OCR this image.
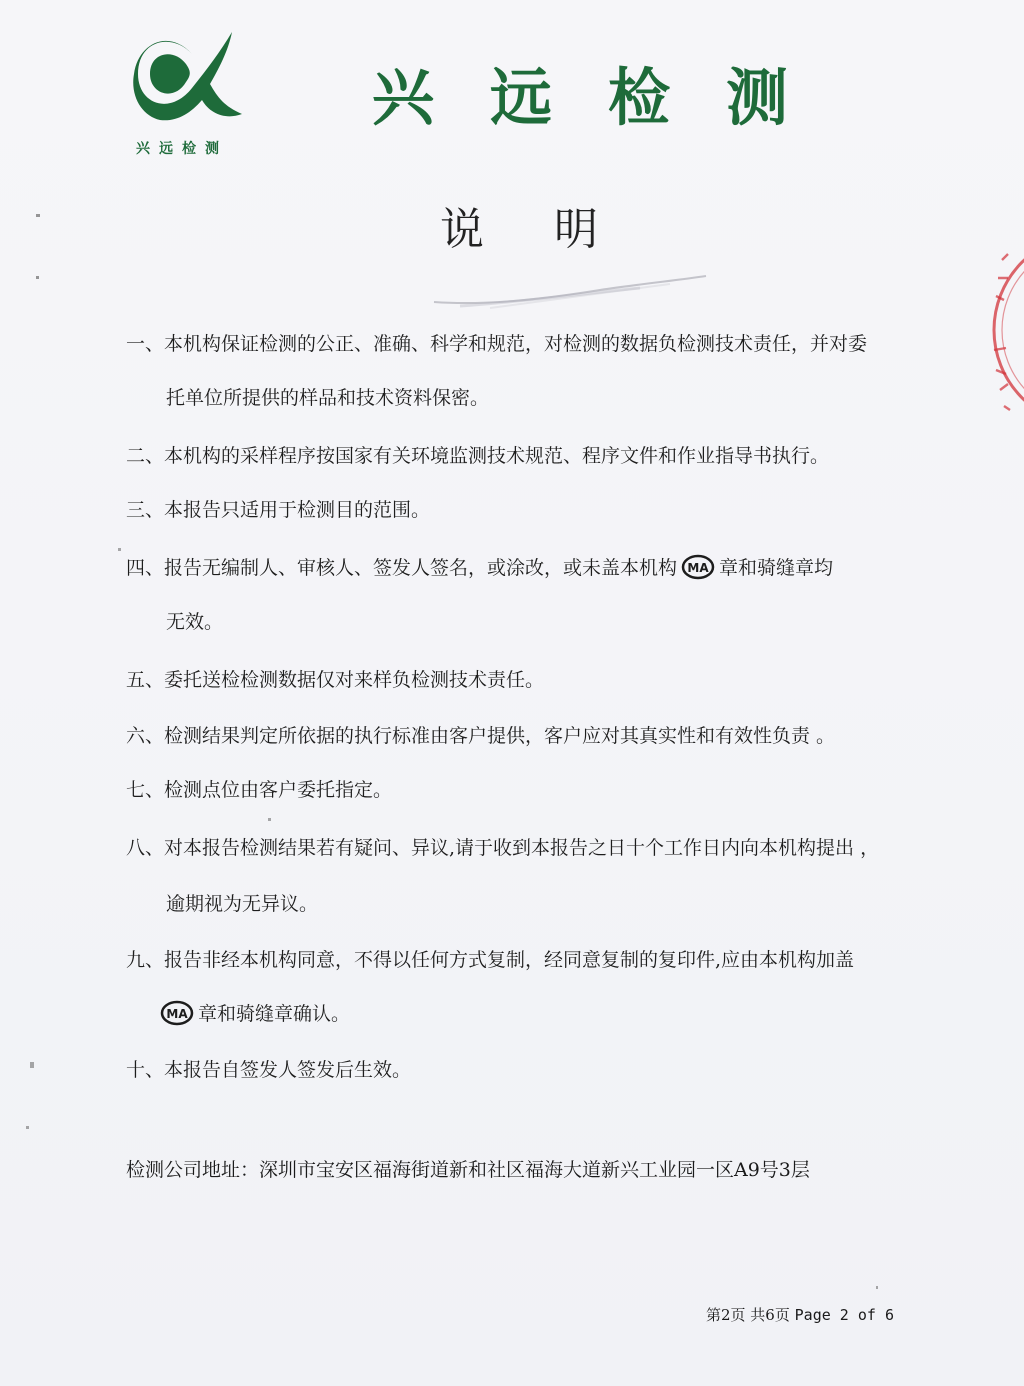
兴远检测
兴远检测
说明
一、本机构保证检测的公正、准确、科学和规范，对检测的数据负检测技术责任，并对委
托单位所提供的样品和技术资料保密。
二、本机构的采样程序按国家有关环境监测技术规范、程序文件和作业指导书执行。
三、本报告只适用于检测目的范围。
四、报告无编制人、审核人、签发人签名，或涂改，或未盖本机构 MA 章和骑缝章均
无效。
五、委托送检检测数据仅对来样负检测技术责任。
六、检测结果判定所依据的执行标准由客户提供，客户应对其真实性和有效性负责 。
七、检测点位由客户委托指定。
八、对本报告检测结果若有疑问、异议,请于收到本报告之日十个工作日内向本机构提出 ，
逾期视为无异议。
九、报告非经本机构同意，不得以任何方式复制，经同意复制的复印件,应由本机构加盖
MA 章和骑缝章确认。
十、本报告自签发人签发后生效。
检测公司地址：深圳市宝安区福海街道新和社区福海大道新兴工业园一区A9号3层
第2页 共6页 Page 2 of 6
